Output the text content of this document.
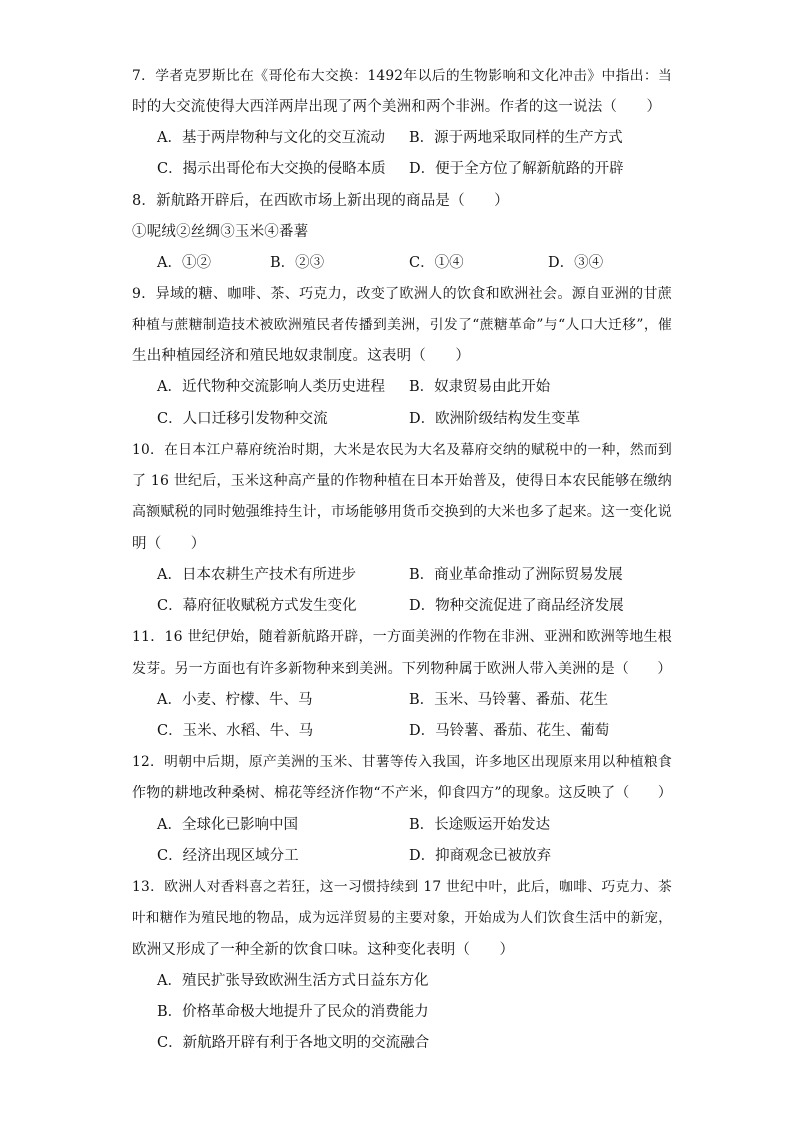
7．学者克罗斯比在《哥伦布大交换：1492年以后的生物影响和文化冲击》中指出：当
时的大交流使得大西洋两岸出现了两个美洲和两个非洲。作者的这一说法（　　）
A．基于两岸物种与文化的交互流动 B．源于两地采取同样的生产方式
C．揭示出哥伦布大交换的侵略本质 D．便于全方位了解新航路的开辟
8．新航路开辟后，在西欧市场上新出现的商品是（　　）
①呢绒②丝绸③玉米④番薯
A．①②	B．②③	C．①④	D．③④
9．异域的糖、咖啡、茶、巧克力，改变了欧洲人的饮食和欧洲社会。源自亚洲的甘蔗
种植与蔗糖制造技术被欧洲殖民者传播到美洲，引发了“蔗糖革命”与“人口大迁移”，催
生出种植园经济和殖民地奴隶制度。这表明（　　）
A．近代物种交流影响人类历史进程 B．奴隶贸易由此开始
C．人口迁移引发物种交流	D．欧洲阶级结构发生变革
10．在日本江户幕府统治时期，大米是农民为大名及幕府交纳的赋税中的一种，然而到
了 16 世纪后，玉米这种高产量的作物种植在日本开始普及，使得日本农民能够在缴纳
高额赋税的同时勉强维持生计，市场能够用货币交换到的大米也多了起来。这一变化说
明（　　）
A．日本农耕生产技术有所进步	B．商业革命推动了洲际贸易发展
C．幕府征收赋税方式发生变化	D．物种交流促进了商品经济发展
11．16 世纪伊始，随着新航路开辟，一方面美洲的作物在非洲、亚洲和欧洲等地生根
发芽。另一方面也有许多新物种来到美洲。下列物种属于欧洲人带入美洲的是（　　）
A．小麦、柠檬、牛、马	B．玉米、马铃薯、番茄、花生
C．玉米、水稻、牛、马	D．马铃薯、番茄、花生、葡萄
12．明朝中后期，原产美洲的玉米、甘薯等传入我国，许多地区出现原来用以种植粮食
作物的耕地改种桑树、棉花等经济作物“不产米，仰食四方”的现象。这反映了（　　）
A．全球化已影响中国	B．长途贩运开始发达
C．经济出现区域分工	D．抑商观念已被放弃
13．欧洲人对香料喜之若狂，这一习惯持续到 17 世纪中叶，此后，咖啡、巧克力、茶
叶和糖作为殖民地的物品，成为远洋贸易的主要对象，开始成为人们饮食生活中的新宠，
欧洲又形成了一种全新的饮食口味。这种变化表明（　　）
A．殖民扩张导致欧洲生活方式日益东方化
B．价格革命极大地提升了民众的消费能力
C．新航路开辟有利于各地文明的交流融合
